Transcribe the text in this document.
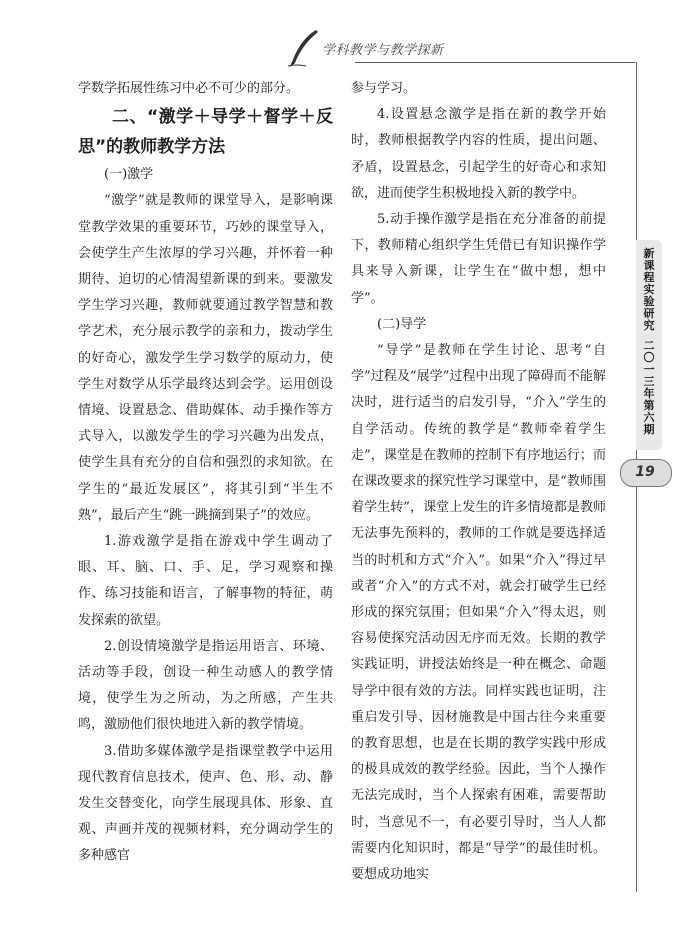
学科教学与教学探新
新课程实验研究
二〇一三年 第六期
19

学数学拓展性练习中必不可少的部分。

二、“激学＋导学＋督学＋反思”的教师教学方法

(一)激学

“激学”就是教师的课堂导入，是影响课堂教学效果的重要环节，巧妙的课堂导入，会使学生产生浓厚的学习兴趣，并怀着一种期待、迫切的心情渴望新课的到来。要激发学生学习兴趣，教师就要通过教学智慧和教学艺术，充分展示教学的亲和力，拨动学生的好奇心，激发学生学习数学的原动力，使学生对数学从乐学最终达到会学。运用创设情境、设置悬念、借助媒体、动手操作等方式导入，以激发学生的学习兴趣为出发点，使学生具有充分的自信和强烈的求知欲。在学生的“最近发展区”，将其引到“半生不熟”，最后产生“跳一跳摘到果子”的效应。

1.游戏激学是指在游戏中学生调动了眼、耳、脑、口、手、足，学习观察和操作、练习技能和语言，了解事物的特征，萌发探索的欲望。

2.创设情境激学是指运用语言、环境、活动等手段，创设一种生动感人的教学情境，使学生为之所动，为之所感，产生共鸣，激励他们很快地进入新的教学情境。

3.借助多媒体激学是指课堂教学中运用现代教育信息技术，使声、色、形、动、静发生交替变化，向学生展现具体、形象、直观、声画并茂的视频材料，充分调动学生的多种感官

参与学习。

4.设置悬念激学是指在新的教学开始时，教师根据教学内容的性质，提出问题、矛盾，设置悬念，引起学生的好奇心和求知欲，进而使学生积极地投入新的教学中。

5.动手操作激学是指在充分准备的前提下，教师精心组织学生凭借已有知识操作学具来导入新课，让学生在“做中想，想中学”。

(二)导学

“导学”是教师在学生讨论、思考“自学”过程及“展学”过程中出现了障碍而不能解决时，进行适当的启发引导，“介入”学生的自学活动。传统的教学是“教师牵着学生走”，课堂是在教师的控制下有序地运行；而在课改要求的探究性学习课堂中，是“教师围着学生转”，课堂上发生的许多情境都是教师无法事先预料的，教师的工作就是要选择适当的时机和方式“介入”。如果“介入”得过早或者“介入”的方式不对，就会打破学生已经形成的探究氛围；但如果“介入”得太迟，则容易使探究活动因无序而无效。长期的教学实践证明，讲授法始终是一种在概念、命题导学中很有效的方法。同样实践也证明，注重启发引导、因材施教是中国古往今来重要的教育思想，也是在长期的教学实践中形成的极具成效的教学经验。因此，当个人操作无法完成时，当个人探索有困难，需要帮助时，当意见不一，有必要引导时，当人人都需要内化知识时，都是“导学”的最佳时机。要想成功地实
